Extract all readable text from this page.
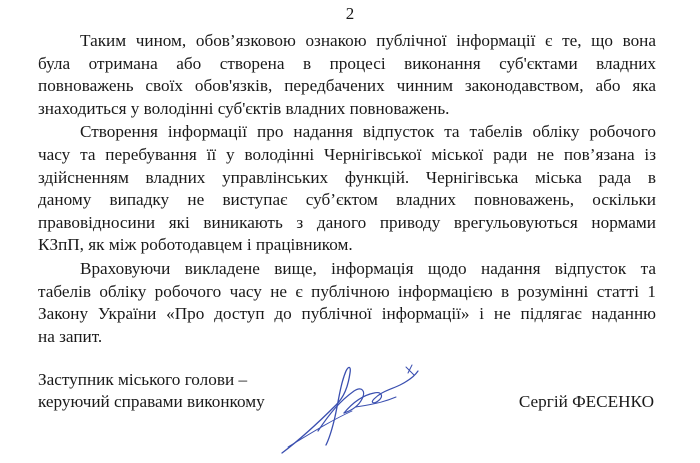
2
Таким чином, обов’язковою ознакою публічної інформації є те, що вона
була отримана або створена в процесі виконання суб'єктами владних
повноважень своїх обов'язків, передбачених чинним законодавством, або яка
знаходиться у володінні суб'єктів владних повноважень.
Створення інформації про надання відпусток та табелів обліку робочого
часу та перебування її у володінні Чернігівської міської ради не пов’язана із
здійсненням владних управлінських функцій. Чернігівська міська рада в
даному випадку не виступає суб’єктом владних повноважень, оскільки
правовідносини які виникають з даного приводу врегульовуються нормами
КЗпП, як між роботодавцем і працівником.
Враховуючи викладене вище, інформація щодо надання відпусток та
табелів обліку робочого часу не є публічною інформацією в розумінні статті 1
Закону України «Про доступ до публічної інформації» і не підлягає наданню
на запит.
Заступник міського голови –
керуючий справами виконкому	Сергій ФЕСЕНКО
